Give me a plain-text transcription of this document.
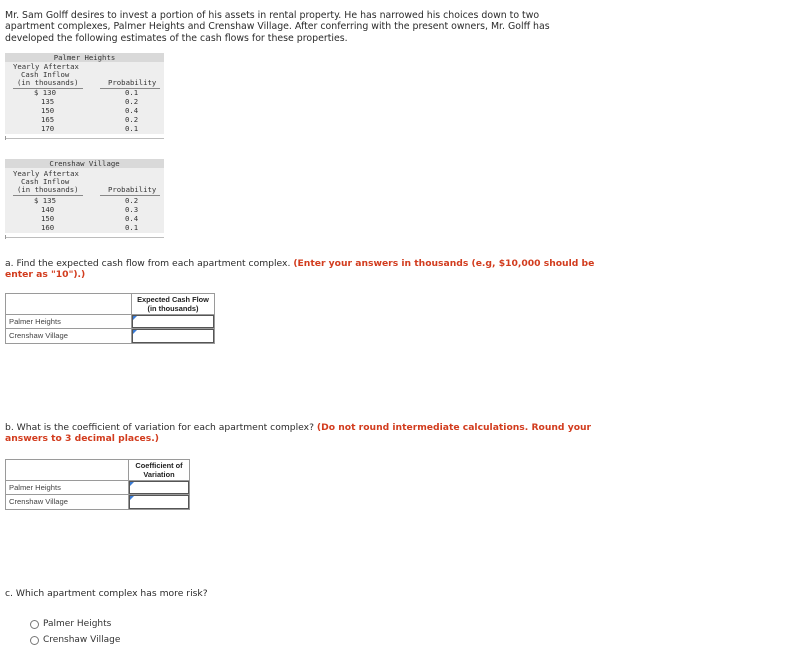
Mr. Sam Golff desires to invest a portion of his assets in rental property. He has narrowed his choices down to two apartment complexes, Palmer Heights and Crenshaw Village. After conferring with the present owners, Mr. Golff has developed the following estimates of the cash flows for these properties.
Palmer Heights
Yearly Aftertax
Cash Inflow
(in thousands)	Probability
$ 130	0.1
135	0.2
150	0.4
165	0.2
170	0.1
Crenshaw Village
Yearly Aftertax
Cash Inflow
(in thousands)	Probability
$ 135	0.2
140	0.3
150	0.4
160	0.1
a. Find the expected cash flow from each apartment complex. (Enter your answers in thousands (e.g, $10,000 should be enter as "10").)
Expected Cash Flow
(in thousands)
Palmer Heights
Crenshaw Village
b. What is the coefficient of variation for each apartment complex? (Do not round intermediate calculations. Round your answers to 3 decimal places.)
Coefficient of
Variation
Palmer Heights
Crenshaw Village
c. Which apartment complex has more risk?
Palmer Heights
Crenshaw Village
